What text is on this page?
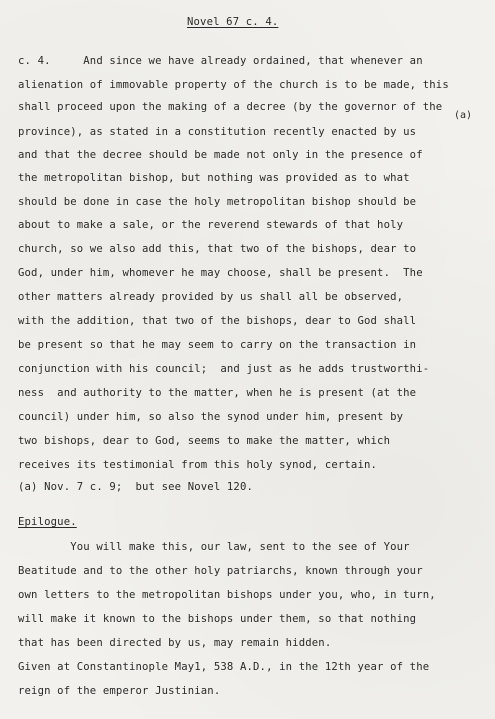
Novel 67 c. 4.
(a)
c. 4.     And since we have already ordained, that whenever an
alienation of immovable property of the church is to be made, this
shall proceed upon the making of a decree (by the governor of the
province), as stated in a constitution recently enacted by us
and that the decree should be made not only in the presence of
the metropolitan bishop, but nothing was provided as to what
should be done in case the holy metropolitan bishop should be
about to make a sale, or the reverend stewards of that holy
church, so we also add this, that two of the bishops, dear to
God, under him, whomever he may choose, shall be present.  The
other matters already provided by us shall all be observed,
with the addition, that two of the bishops, dear to God shall
be present so that he may seem to carry on the transaction in
conjunction with his council;  and just as he adds trustworthi-
ness  and authority to the matter, when he is present (at the
council) under him, so also the synod under him, present by
two bishops, dear to God, seems to make the matter, which
receives its testimonial from this holy synod, certain.
(a) Nov. 7 c. 9;  but see Novel 120.
Epilogue.
You will make this, our law, sent to the see of Your
Beatitude and to the other holy patriarchs, known through your
own letters to the metropolitan bishops under you, who, in turn,
will make it known to the bishops under them, so that nothing
that has been directed by us, may remain hidden.
Given at Constantinople May1, 538 A.D., in the 12th year of the
reign of the emperor Justinian.
